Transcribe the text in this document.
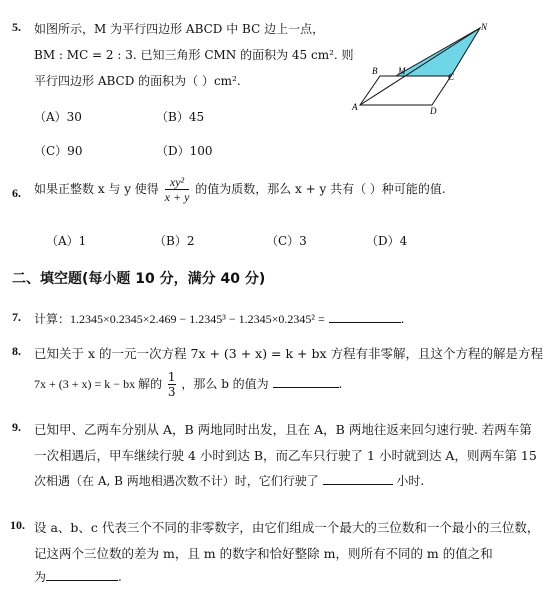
5. 如图所示，M 为平行四边形 ABCD 中 BC 边上一点，
BM : MC = 2 : 3. 已知三角形 CMN 的面积为 45 cm². 则
平行四边形 ABCD 的面积为（ ）cm².
（A）30	（B）45
（C）90	（D）100
N
B M
C
A	D
6. 如果正整数 x 与 y 使得 $\frac{\text{xy²}}{x + y}$ 的值为质数，那么 x + y 共有（ ）种可能的值.
（A）1	（B）2	（C）3	（D）4
二、填空题(每小题 10 分，满分 40 分)
7. 计算：1.2345×0.2345×2.469 − 1.2345³ − 1.2345×0.2345² =	.
8. 已知关于 x 的一元一次方程 7x + (3 + x) = k + bx 方程有非零解，且这个方程的解是方程
7x + (3 + x) = k − bx 解的 $\frac{1}{3}$ ，那么 b 的值为	.
9. 已知甲、乙两车分别从 A，B 两地同时出发，且在 A，B 两地往返来回匀速行驶. 若两车第
一次相遇后，甲车继续行驶 4 小时到达 B，而乙车只行驶了 1 小时就到达 A，则两车第 15
次相遇（在 A, B 两地相遇次数不计）时，它们行驶了	小时.
10. 设 a、b、c 代表三个不同的非零数字，由它们组成一个最大的三位数和一个最小的三位数，
记这两个三位数的差为 m，且 m 的数字和恰好整除 m，则所有不同的 m 的值之和
为	.
